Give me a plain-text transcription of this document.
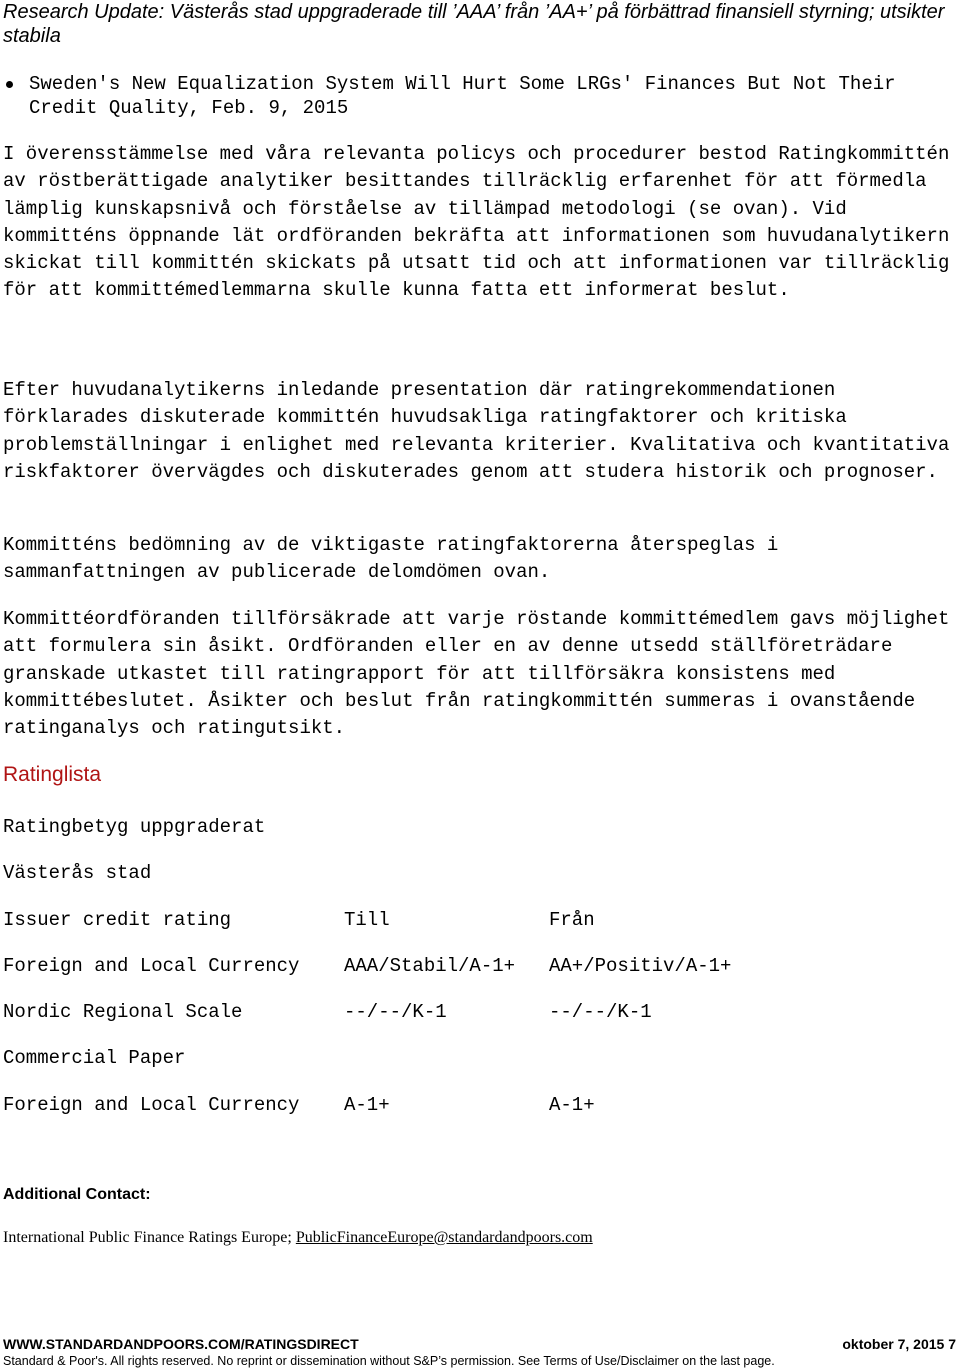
Research Update: Västerås stad uppgraderade till ’AAA’ från ’AA+’ på förbättrad finansiell styrning; utsikter stabila
Sweden's New Equalization System Will Hurt Some LRGs' Finances But Not Their Credit Quality, Feb. 9, 2015

I överensstämmelse med våra relevanta policys och procedurer bestod Ratingkommittén av röstberättigade analytiker besittandes tillräcklig erfarenhet för att förmedla lämplig kunskapsnivå och förståelse av tillämpad metodologi (se ovan). Vid kommitténs öppnande lät ordföranden bekräfta att informationen som huvudanalytikern skickat till kommittén skickats på utsatt tid och att informationen var tillräcklig för att kommittémedlemmarna skulle kunna fatta ett informerat beslut.

Efter huvudanalytikerns inledande presentation där ratingrekommendationen förklarades diskuterade kommittén huvudsakliga ratingfaktorer och kritiska problemställningar i enlighet med relevanta kriterier. Kvalitativa och kvantitativa riskfaktorer övervägdes och diskuterades genom att studera historik och prognoser.

Kommitténs bedömning av de viktigaste ratingfaktorerna återspeglas i sammanfattningen av publicerade delomdömen ovan.

Kommittéordföranden tillförsäkrade att varje röstande kommittémedlem gavs möjlighet att formulera sin åsikt. Ordföranden eller en av denne utsedd ställföreträdare granskade utkastet till ratingrapport för att tillförsäkra konsistens med kommittébeslutet. Åsikter och beslut från ratingkommittén summeras i ovanstående ratinganalys och ratingutsikt.

Ratinglista
Ratingbetyg uppgraderat
Västerås stad
Issuer credit rating	Till	Från
Foreign and Local Currency AAA/Stabil/A-1+ AA+/Positiv/A-1+
Nordic Regional Scale	--/--/K-1	--/--/K-1
Commercial Paper
Foreign and Local Currency A-1+	A-1+
Additional Contact:
International Public Finance Ratings Europe; PublicFinanceEurope@standardandpoors.com
WWW.STANDARDANDPOORS.COM/RATINGSDIRECT	oktober 7, 2015 7
Standard & Poor's. All rights reserved. No reprint or dissemination without S&P’s permission. See Terms of Use/Disclaimer on the last page.
